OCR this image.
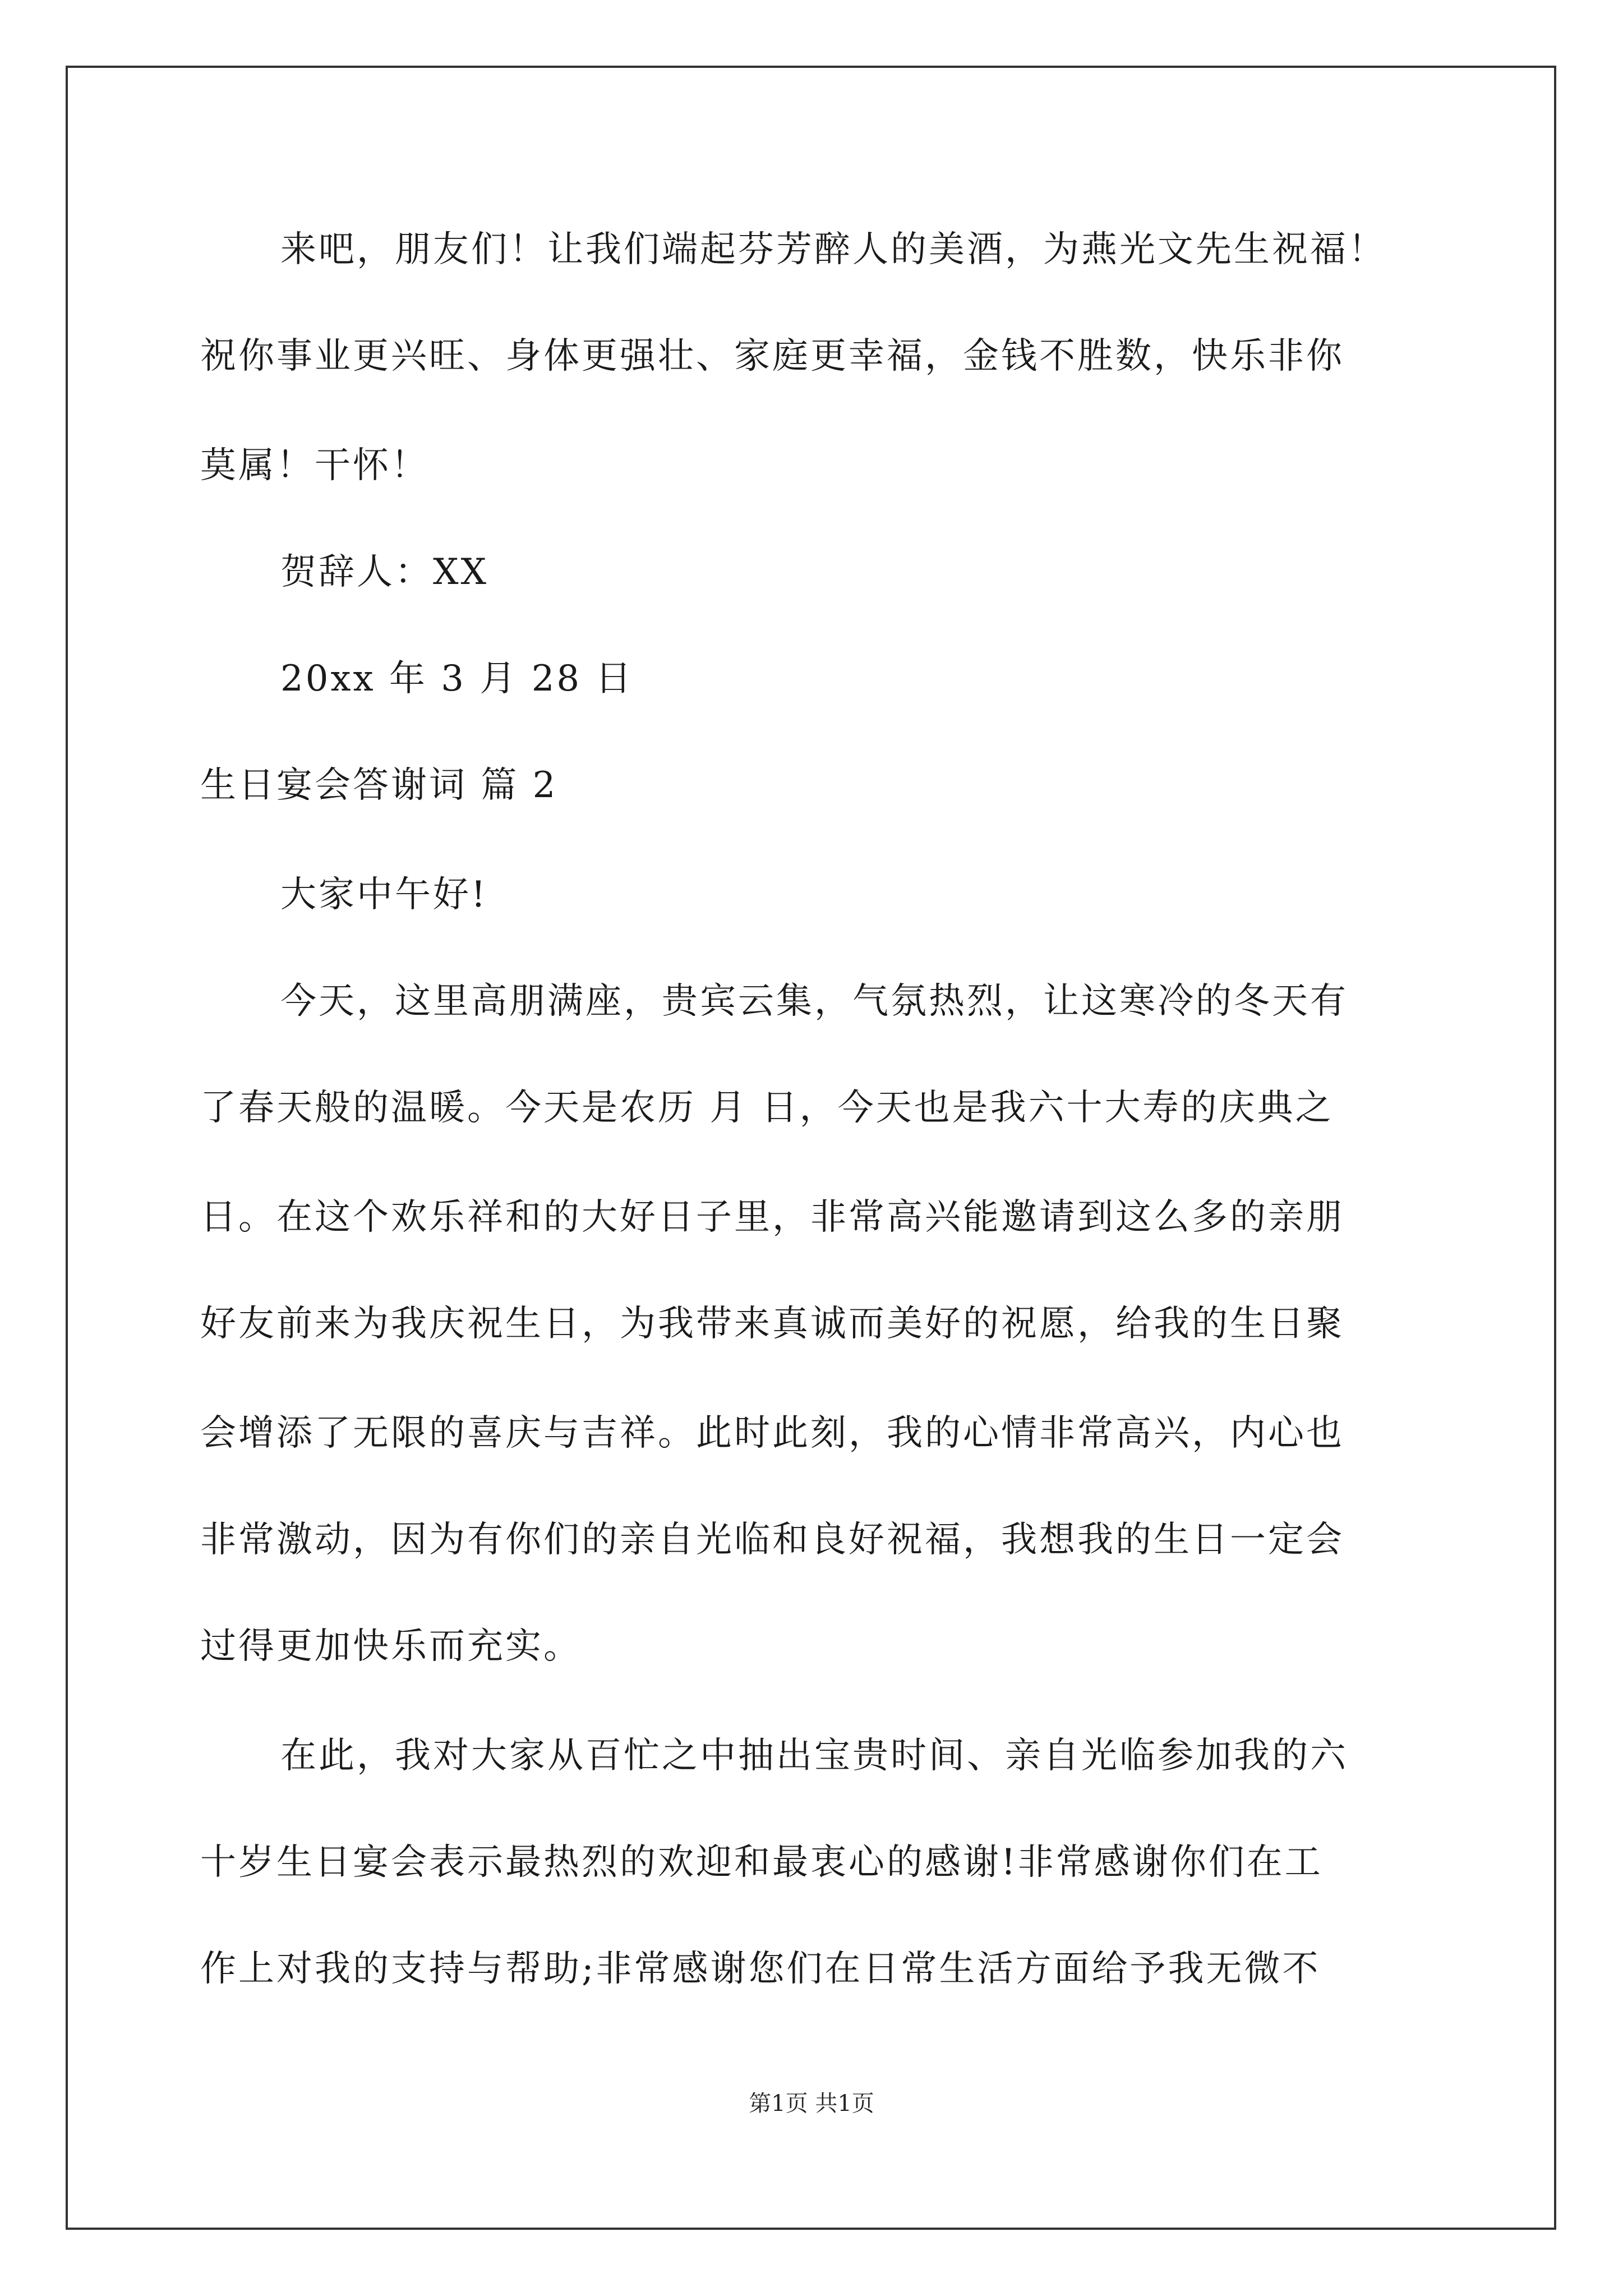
来吧，朋友们！让我们端起芬芳醉人的美酒，为燕光文先生祝福！
祝你事业更兴旺、身体更强壮、家庭更幸福，金钱不胜数，快乐非你
莫属！干怀！
贺辞人：XX
20xx 年 3 月 28 日
生日宴会答谢词 篇 2
大家中午好!
今天，这里高朋满座，贵宾云集，气氛热烈，让这寒冷的冬天有
了春天般的温暖。今天是农历 月 日，今天也是我六十大寿的庆典之
日。在这个欢乐祥和的大好日子里，非常高兴能邀请到这么多的亲朋
好友前来为我庆祝生日，为我带来真诚而美好的祝愿，给我的生日聚
会增添了无限的喜庆与吉祥。此时此刻，我的心情非常高兴，内心也
非常激动，因为有你们的亲自光临和良好祝福，我想我的生日一定会
过得更加快乐而充实。
在此，我对大家从百忙之中抽出宝贵时间、亲自光临参加我的六
十岁生日宴会表示最热烈的欢迎和最衷心的感谢!非常感谢你们在工
作上对我的支持与帮助;非常感谢您们在日常生活方面给予我无微不
第1页 共1页
